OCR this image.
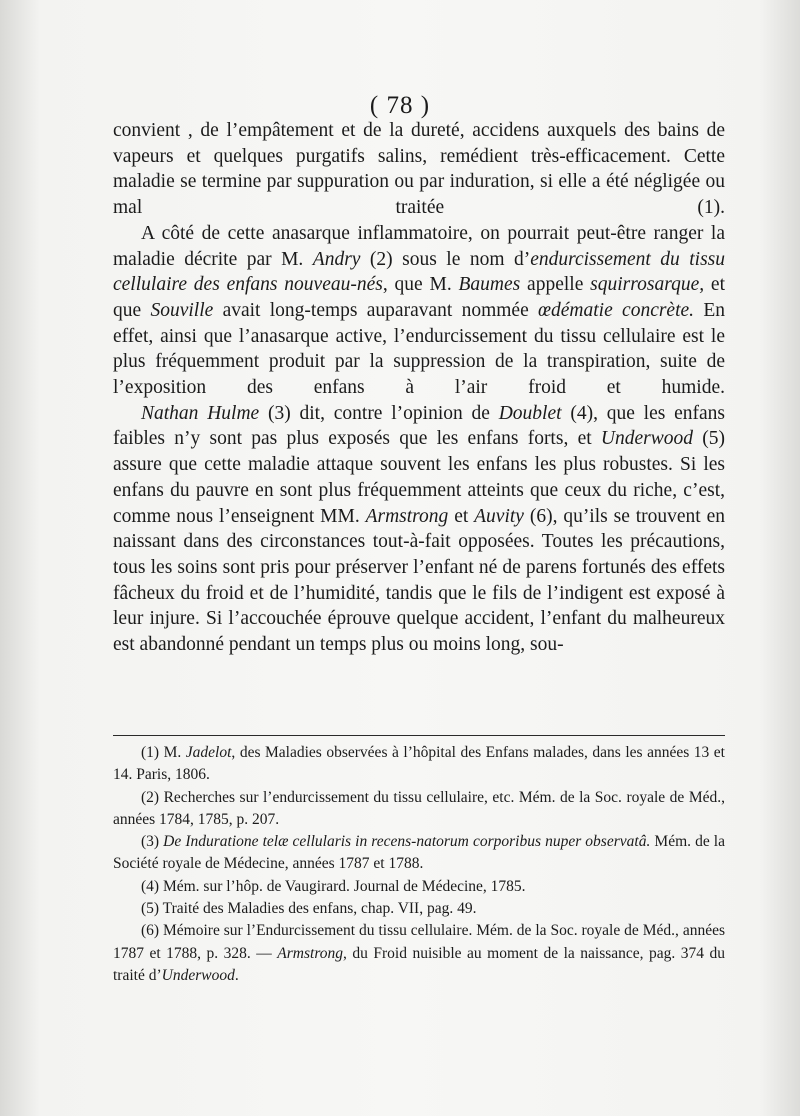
( 78 )

convient , de l’empâtement et de la dureté, accidens auxquels des bains de vapeurs et quelques purgatifs salins, remédient très-efficacement. Cette maladie se termine par suppuration ou par induration, si elle a été négligée ou mal traitée (1).

A côté de cette anasarque inflammatoire, on pourrait peut-être ranger la maladie décrite par M. Andry (2) sous le nom d’endurcissement du tissu cellulaire des enfans nouveau-nés, que M. Baumes appelle squirrosarque, et que Souville avait long-temps auparavant nommée œdématie concrète. En effet, ainsi que l’anasarque active, l’endurcissement du tissu cellulaire est le plus fréquemment produit par la suppression de la transpiration, suite de l’exposition des enfans à l’air froid et humide.

Nathan Hulme (3) dit, contre l’opinion de Doublet (4), que les enfans faibles n’y sont pas plus exposés que les enfans forts, et Underwood (5) assure que cette maladie attaque souvent les enfans les plus robustes. Si les enfans du pauvre en sont plus fréquemment atteints que ceux du riche, c’est, comme nous l’enseignent MM. Armstrong et Auvity (6), qu’ils se trouvent en naissant dans des circonstances tout-à-fait opposées. Toutes les précautions, tous les soins sont pris pour préserver l’enfant né de parens fortunés des effets fâcheux du froid et de l’humidité, tandis que le fils de l’indigent est exposé à leur injure. Si l’accouchée éprouve quelque accident, l’enfant du malheureux est abandonné pendant un temps plus ou moins long, sou-

(1) M. Jadelot, des Maladies observées à l’hôpital des Enfans malades, dans les années 13 et 14. Paris, 1806.

(2) Recherches sur l’endurcissement du tissu cellulaire, etc. Mém. de la Soc. royale de Méd., années 1784, 1785, p. 207.

(3) De Induratione telæ cellularis in recens-natorum corporibus nuper observatâ. Mém. de la Société royale de Médecine, années 1787 et 1788.

(4) Mém. sur l’hôp. de Vaugirard. Journal de Médecine, 1785.

(5) Traité des Maladies des enfans, chap. VII, pag. 49.

(6) Mémoire sur l’Endurcissement du tissu cellulaire. Mém. de la Soc. royale de Méd., années 1787 et 1788, p. 328. — Armstrong, du Froid nuisible au moment de la naissance, pag. 374 du traité d’Underwood.
